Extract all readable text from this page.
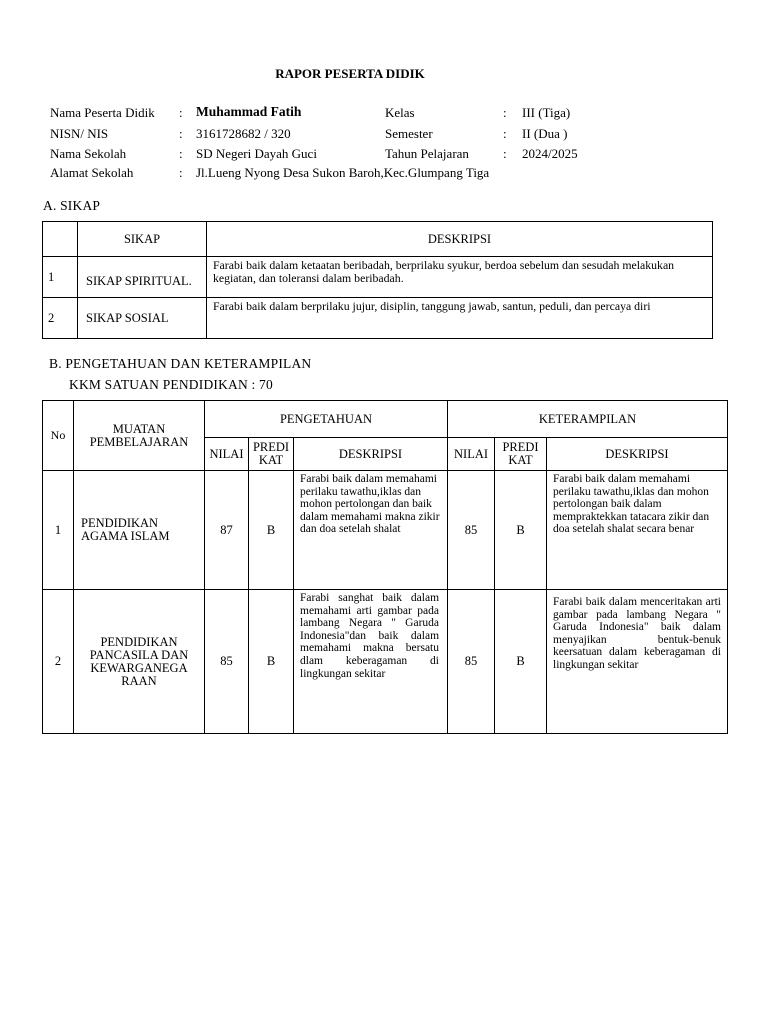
RAPOR PESERTA DIDIK
Nama Peserta Didik : Muhammad Fatih	Kelas	: III (Tiga)
NISN/ NIS	: 3161728682 / 320	Semester	: II (Dua )
Nama Sekolah	: SD Negeri Dayah Guci	Tahun Pelajaran	: 2024/2025
Alamat Sekolah	: Jl.Lueng Nyong Desa Sukon Baroh,Kec.Glumpang Tiga
A. SIKAP
	SIKAP	DESKRIPSI
1	SIKAP SPIRITUAL.	Farabi baik dalam ketaatan beribadah, berprilaku syukur, berdoa sebelum dan sesudah melakukan kegiatan, dan toleransi dalam beribadah.
2	SIKAP SOSIAL	Farabi baik dalam berprilaku jujur, disiplin, tanggung jawab, santun, peduli, dan percaya diri
B. PENGETAHUAN DAN KETERAMPILAN
KKM SATUAN PENDIDIKAN : 70
No	MUATAN PEMBELAJARAN	PENGETAHUAN			KETERAMPILAN		
		NILAI	PREDI KAT	DESKRIPSI	NILAI	PREDI KAT	DESKRIPSI
1	PENDIDIKAN AGAMA ISLAM	87	B	Farabi baik dalam memahami perilaku tawathu,iklas dan mohon pertolongan dan baik dalam memahami makna zikir dan doa setelah shalat	85	B	Farabi baik dalam memahami perilaku tawathu,iklas dan mohon pertolongan baik dalam mempraktekkan tatacara zikir dan doa setelah shalat secara benar
2	PENDIDIKAN PANCASILA DAN KEWARGANEGA RAAN	85	B	Farabi sanghat baik dalam memahami arti gambar pada lambang Negara " Garuda Indonesia"dan baik dalam memahami makna bersatu dlam keberagaman di lingkungan sekitar	85	B	Farabi baik dalam menceritakan arti gambar pada lambang Negara " Garuda Indonesia" baik dalam menyajikan bentuk-benuk keersatuan dalam keberagaman di lingkungan sekitar
